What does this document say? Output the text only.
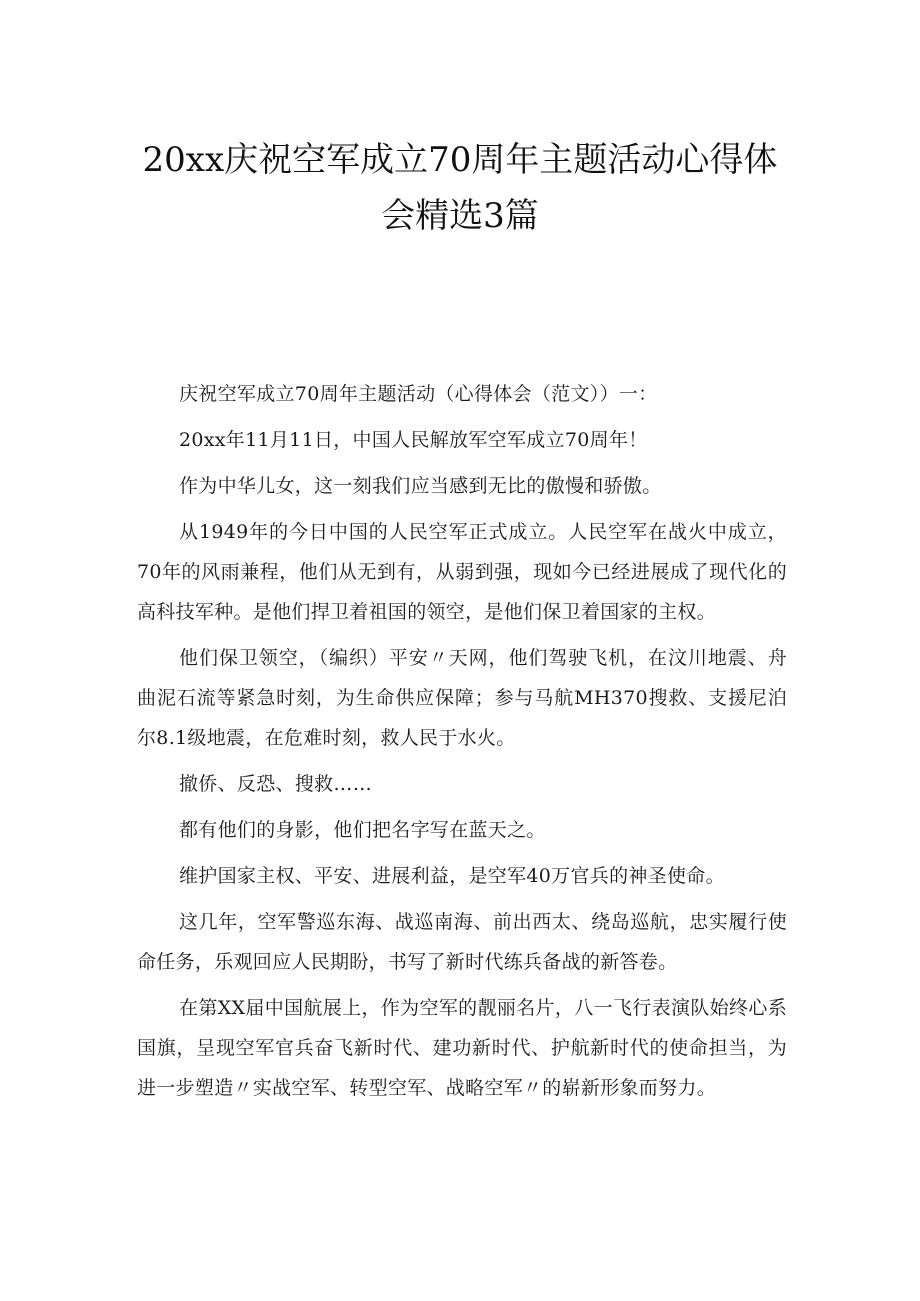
20xx庆祝空军成立70周年主题活动心得体
会精选3篇

庆祝空军成立70周年主题活动（心得体会（范文））一：

20xx年11月11日，中国人民解放军空军成立70周年！

作为中华儿女，这一刻我们应当感到无比的傲慢和骄傲。

从1949年的今日中国的人民空军正式成立。人民空军在战火中成立，70年的风雨兼程，他们从无到有，从弱到强，现如今已经进展成了现代化的高科技军种。是他们捍卫着祖国的领空，是他们保卫着国家的主权。

他们保卫领空，（编织）平安〃天网，他们驾驶飞机，在汶川地震、舟曲泥石流等紧急时刻，为生命供应保障；参与马航MH370搜救、支援尼泊尔8.1级地震，在危难时刻，救人民于水火。

撤侨、反恐、搜救……

都有他们的身影，他们把名字写在蓝天之。

维护国家主权、平安、进展利益，是空军40万官兵的神圣使命。

这几年，空军警巡东海、战巡南海、前出西太、绕岛巡航，忠实履行使命任务，乐观回应人民期盼，书写了新时代练兵备战的新答卷。

在第XX届中国航展上，作为空军的靓丽名片，八一飞行表演队始终心系国旗，呈现空军官兵奋飞新时代、建功新时代、护航新时代的使命担当，为进一步塑造〃实战空军、转型空军、战略空军〃的崭新形象而努力。
